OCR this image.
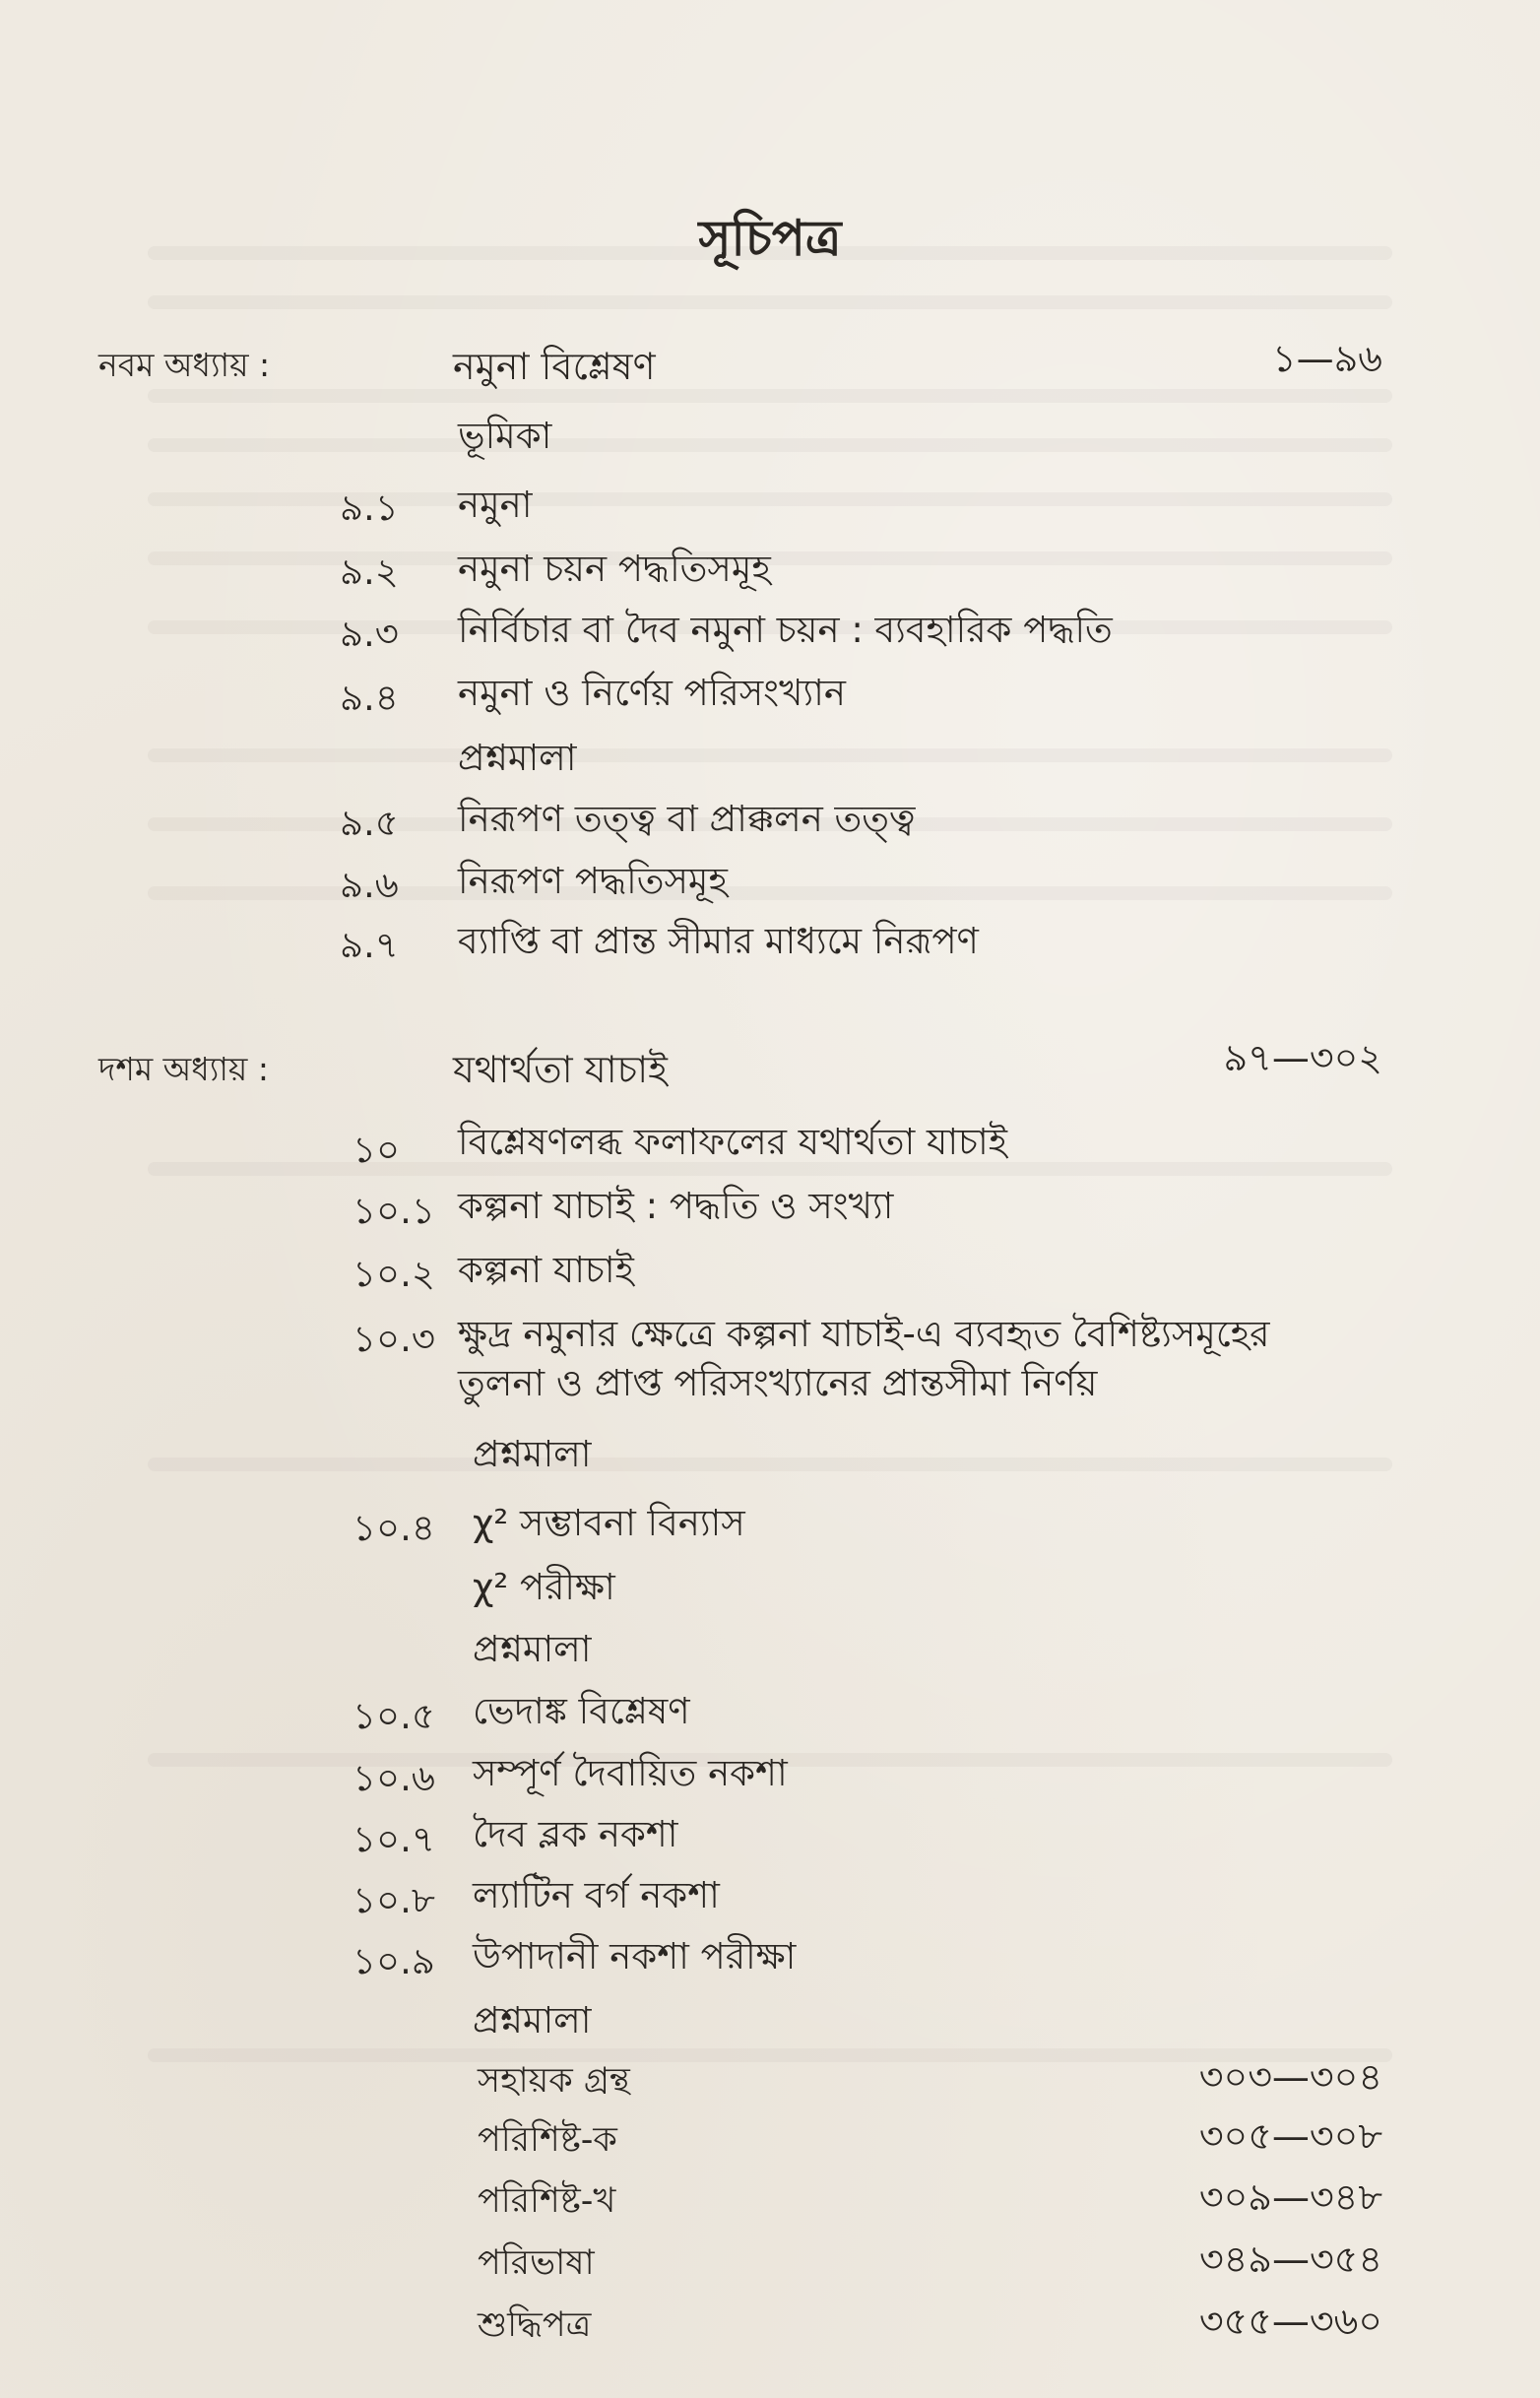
সূচিপত্র
নবম অধ্যায় :	নমুনা বিশ্লেষণ	১—৯৬
ভূমিকা
৯.১	নমুনা
৯.২	নমুনা চয়ন পদ্ধতিসমূহ
৯.৩	নির্বিচার বা দৈব নমুনা চয়ন : ব্যবহারিক পদ্ধতি
৯.৪	নমুনা ও নির্ণেয় পরিসংখ্যান
প্রশ্নমালা
৯.৫	নিরূপণ তত্ত্ব বা প্রাক্কলন তত্ত্ব
৯.৬	নিরূপণ পদ্ধতিসমূহ
৯.৭	ব্যাপ্তি বা প্রান্ত সীমার মাধ্যমে নিরূপণ
দশম অধ্যায় :	যথার্থতা যাচাই	৯৭—৩০২
১০	বিশ্লেষণলব্ধ ফলাফলের যথার্থতা যাচাই
১০.১ কল্পনা যাচাই : পদ্ধতি ও সংখ্যা
১০.২ কল্পনা যাচাই
১০.৩ ক্ষুদ্র নমুনার ক্ষেত্রে কল্পনা যাচাই-এ ব্যবহৃত বৈশিষ্ট্যসমূহের
তুলনা ও প্রাপ্ত পরিসংখ্যানের প্রান্তসীমা নির্ণয়
প্রশ্নমালা
১০.৪	χ² সম্ভাবনা বিন্যাস
χ² পরীক্ষা
প্রশ্নমালা
১০.৫	ভেদাঙ্ক বিশ্লেষণ
১০.৬	সম্পূর্ণ দৈবায়িত নকশা
১০.৭	দৈব ব্লক নকশা
১০.৮	ল্যাটিন বর্গ নকশা
১০.৯	উপাদানী নকশা পরীক্ষা
প্রশ্নমালা
সহায়ক গ্রন্থ	৩০৩—৩০৪
পরিশিষ্ট-ক	৩০৫—৩০৮
পরিশিষ্ট-খ	৩০৯—৩৪৮
পরিভাষা	৩৪৯—৩৫৪
শুদ্ধিপত্র	৩৫৫—৩৬০
